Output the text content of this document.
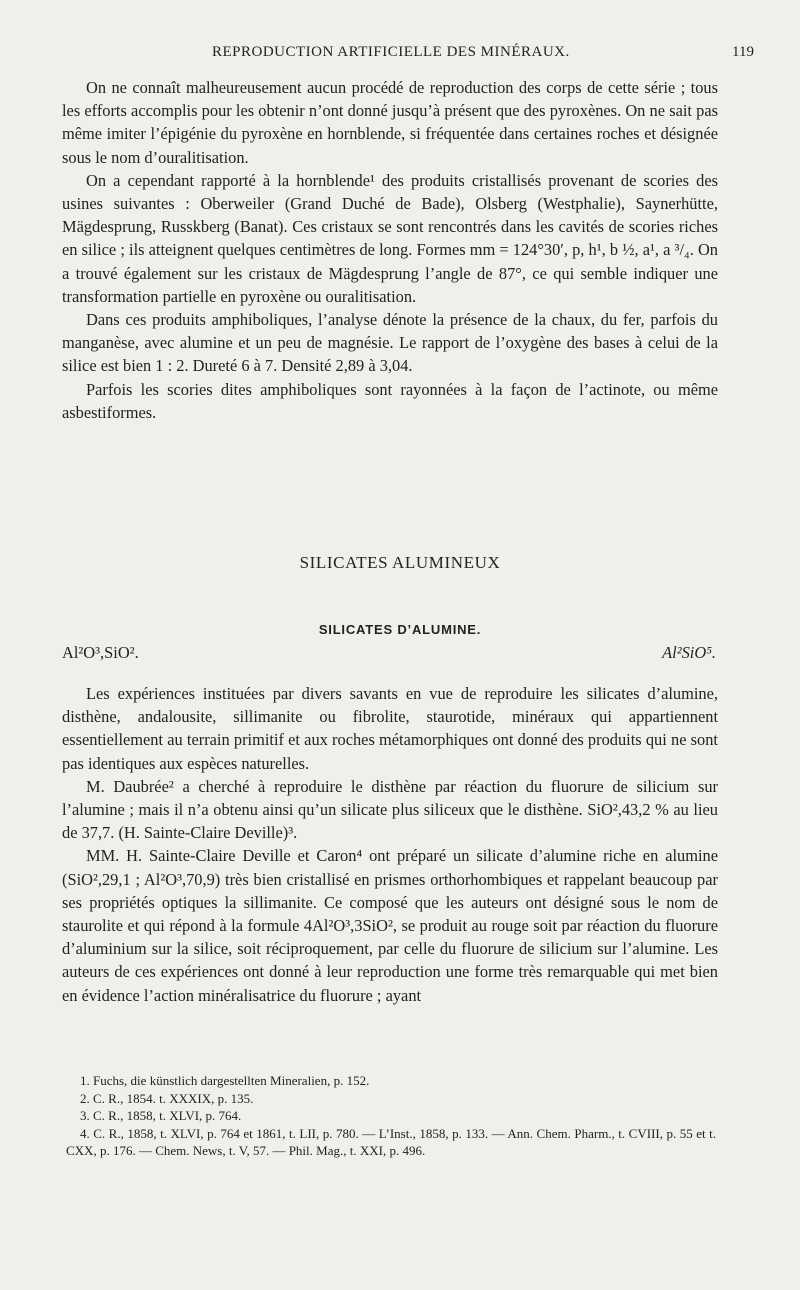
REPRODUCTION ARTIFICIELLE DES MINÉRAUX.	119

On ne connaît malheureusement aucun procédé de reproduction des corps de cette série ; tous les efforts accomplis pour les obtenir n’ont donné jusqu’à présent que des pyroxènes. On ne sait pas même imiter l’épigénie du pyroxène en hornblende, si fréquentée dans certaines roches et désignée sous le nom d’ouralitisation.

On a cependant rapporté à la hornblende¹ des produits cristallisés provenant de scories des usines suivantes : Oberweiler (Grand Duché de Bade), Olsberg (Westphalie), Saynerhütte, Mägdesprung, Russkberg (Banat). Ces cristaux se sont rencontrés dans les cavités de scories riches en silice ; ils atteignent quelques centimètres de long. Formes mm = 124°30′, p, h¹, b ½, a¹, a ³/₄. On a trouvé également sur les cristaux de Mägdesprung l’angle de 87°, ce qui semble indiquer une transformation partielle en pyroxène ou ouralitisation.

Dans ces produits amphiboliques, l’analyse dénote la présence de la chaux, du fer, parfois du manganèse, avec alumine et un peu de magnésie. Le rapport de l’oxygène des bases à celui de la silice est bien 1 : 2. Dureté 6 à 7. Densité 2,89 à 3,04.

Parfois les scories dites amphiboliques sont rayonnées à la façon de l’actinote, ou même asbestiformes.

SILICATES ALUMINEUX
SILICATES D’ALUMINE.
Al²O³,SiO².	Al²SiO⁵.

Les expériences instituées par divers savants en vue de reproduire les silicates d’alumine, disthène, andalousite, sillimanite ou fibrolite, staurotide, minéraux qui appartiennent essentiellement au terrain primitif et aux roches métamorphiques ont donné des produits qui ne sont pas identiques aux espèces naturelles.

M. Daubrée² a cherché à reproduire le disthène par réaction du fluorure de silicium sur l’alumine ; mais il n’a obtenu ainsi qu’un silicate plus siliceux que le disthène. SiO²,43,2 % au lieu de 37,7. (H. Sainte-Claire Deville)³.

MM. H. Sainte-Claire Deville et Caron⁴ ont préparé un silicate d’alumine riche en alumine (SiO²,29,1 ; Al²O³,70,9) très bien cristallisé en prismes orthorhombiques et rappelant beaucoup par ses propriétés optiques la sillimanite. Ce composé que les auteurs ont désigné sous le nom de staurolite et qui répond à la formule 4Al²O³,3SiO², se produit au rouge soit par réaction du fluorure d’aluminium sur la silice, soit réciproquement, par celle du fluorure de silicium sur l’alumine. Les auteurs de ces expériences ont donné à leur reproduction une forme très remarquable qui met bien en évidence l’action minéralisatrice du fluorure ; ayant

1. Fuchs, die künstlich dargestellten Mineralien, p. 152.
2. C. R., 1854. t. XXXIX, p. 135.
3. C. R., 1858, t. XLVI, p. 764.
4. C. R., 1858, t. XLVI, p. 764 et 1861, t. LII, p. 780. — L’Inst., 1858, p. 133. — Ann. Chem. Pharm., t. CVIII, p. 55 et t. CXX, p. 176. — Chem. News, t. V, 57. — Phil. Mag., t. XXI, p. 496.
